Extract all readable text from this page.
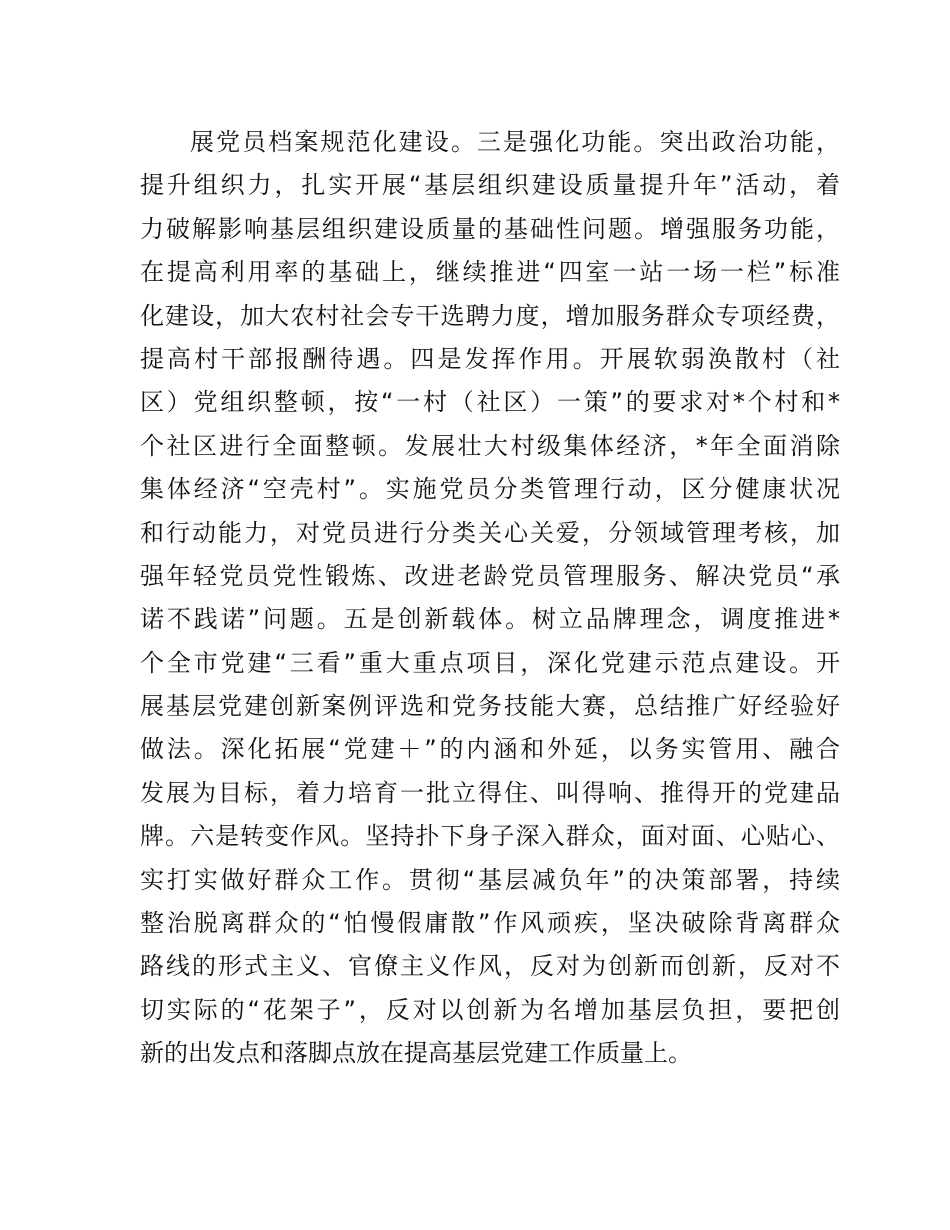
展党员档案规范化建设。三是强化功能。突出政治功能，
提升组织力，扎实开展“基层组织建设质量提升年”活动，着
力破解影响基层组织建设质量的基础性问题。增强服务功能，
在提高利用率的基础上，继续推进“四室一站一场一栏”标准
化建设，加大农村社会专干选聘力度，增加服务群众专项经费，
提高村干部报酬待遇。四是发挥作用。开展软弱涣散村（社
区）党组织整顿，按“一村（社区）一策”的要求对*个村和*
个社区进行全面整顿。发展壮大村级集体经济，*年全面消除
集体经济“空壳村”。实施党员分类管理行动，区分健康状况
和行动能力，对党员进行分类关心关爱，分领域管理考核，加
强年轻党员党性锻炼、改进老龄党员管理服务、解决党员“承
诺不践诺”问题。五是创新载体。树立品牌理念，调度推进*
个全市党建“三看”重大重点项目，深化党建示范点建设。开
展基层党建创新案例评选和党务技能大赛，总结推广好经验好
做法。深化拓展“党建＋”的内涵和外延，以务实管用、融合
发展为目标，着力培育一批立得住、叫得响、推得开的党建品
牌。六是转变作风。坚持扑下身子深入群众，面对面、心贴心、
实打实做好群众工作。贯彻“基层减负年”的决策部署，持续
整治脱离群众的“怕慢假庸散”作风顽疾，坚决破除背离群众
路线的形式主义、官僚主义作风，反对为创新而创新，反对不
切实际的“花架子”，反对以创新为名增加基层负担，要把创
新的出发点和落脚点放在提高基层党建工作质量上。
